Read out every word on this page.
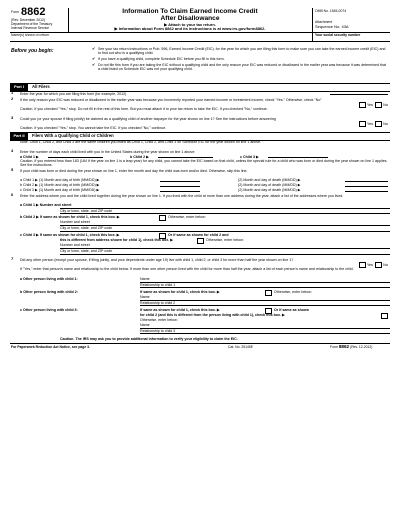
Form 8862
(Rev. December 2012)
Department of the Treasury
Internal Revenue Service
Information To Claim Earned Income Credit
After Disallowance
▶ Attach to your tax return.
▶ Information about Form 8862 and its instructions is at www.irs.gov/form8862.
OMB No. 1545-0074
Attachment
Sequence No. 43A
Name(s) shown on return	Your social security number
Before you begin:	✔ See your tax return instructions or Pub. 596, Earned Income Credit (EIC), for the year for which you are filing this form to make sure you can take the earned income credit (EIC) and to find out who is a qualifying child.
✔ If you have a qualifying child, complete Schedule EIC before you fill in this form.
✔ Do not file this form if you are taking the EIC without a qualifying child and the only reason your EIC was reduced or disallowed in the earlier year was because it was determined that a child listed on Schedule EIC was not your qualifying child.
Part I	All Filers
1 Enter the year for which you are filing this form (for example, 2012)
2 If the only reason your EIC was reduced or disallowed in the earlier year was because you incorrectly reported your earned income or investment income, check "Yes." Otherwise, check "No"
Yes	No
Caution. If you checked "Yes," stop. Do not fill in the rest of this form. But you must attach it to your tax return to take the EIC. If you checked "No," continue.
3 Could you (or your spouse if filing jointly) be claimed as a qualifying child of another taxpayer for the year shown on line 1? See the instructions before answering
Yes	No
Caution. If you checked "Yes," stop. You cannot take the EIC. If you checked "No," continue.
Part II	Filers With a Qualifying Child or Children
Note. Child 1, Child 2, and Child 3 are the same children you listed as Child 1, Child 2, and Child 3 on Schedule EIC for the year shown on line 1 above.
4 Enter the number of days each child lived with you in the United States during the year shown on line 1 above:
a Child 1 ▶	b Child 2 ▶	c Child 3 ▶
Caution. If you entered less than 183 (184 if the year on line 1 is a leap year) for any child, you cannot take the EIC based on that child, unless the special rule for a child who was born or died during the year shown on line 1 applies. See the instructions.
5 If your child was born or died during the year shown on line 1, enter the month and day the child was born and/or died. Otherwise, skip this line.
a Child 1 ▶ (1) Month and day of birth (MM/DD) ▶	(2) Month and day of death (MM/DD) ▶
b Child 2 ▶ (1) Month and day of birth (MM/DD) ▶	(2) Month and day of death (MM/DD) ▶
c Child 3 ▶ (1) Month and day of birth (MM/DD) ▶	(2) Month and day of death (MM/DD) ▶
6 Enter the address where you and the child lived together during the year shown on line 1. If you lived with the child at more than one address during the year, attach a list of the addresses where you lived.
a Child 1 ▶ Number and street
City or town, state, and ZIP code
b Child 2 ▶ If same as shown for child 1, check this box. ▶	Otherwise, enter below:
Number and street
City or town, state, and ZIP code
c Child 3 ▶ If same as shown for child 1, check this box. ▶	Or if same as shown for child 2 and
this is different from address shown for child 1), check this box. ▶	Otherwise, enter below:
Number and street
City or town, state, and ZIP code
7 Did any other person (except your spouse, if filing jointly, and your dependents under age 19) live with child 1, child 2, or child 3 for more than half the year shown on line 1?
Yes	No
If "Yes," enter that person's name and relationship to the child below. If more than one other person lived with the child for more than half the year, attach a list of each person's name and relationship to the child.
a Other person living with child 1:	Name
Relationship to child 1
b Other person living with child 2:	If same as shown for child 1, check this box. ▶	Otherwise, enter below:
Name
Relationship to child 2
c Other person living with child 3:	If same as shown for child 1, check this box. ▶	Or if same as shown
for child 2 (and this is different from the person living with child 1), check this box. ▶
Otherwise, enter below:
Name
Relationship to child 3
Caution. The IRS may ask you to provide additional information to verify your eligibility to claim the EIC.
For Paperwork Reduction Act Notice, see page 3.	Cat. No. 25145E	Form 8862 (Rev. 12-2012)
